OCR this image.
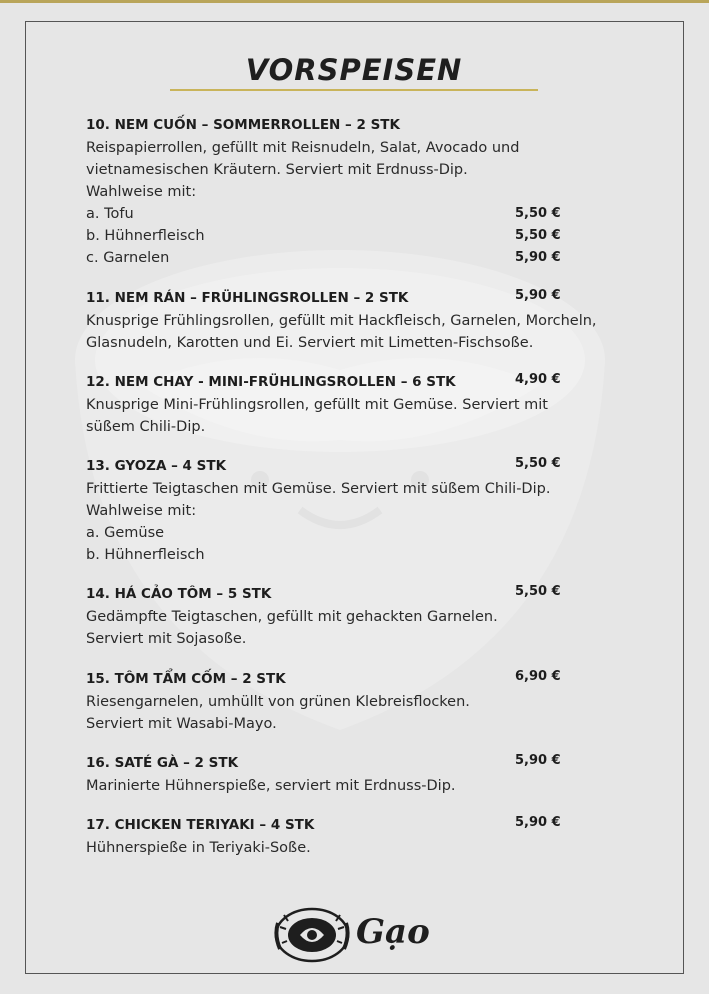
VORSPEISEN
10. NEM CUỐN – SOMMERROLLEN – 2 STK
Reispapierrollen, gefüllt mit Reisnudeln, Salat, Avocado und
vietnamesischen Kräutern. Serviert mit Erdnuss-Dip.
Wahlweise mit:
a. Tofu	5,50 €
b. Hühnerfleisch	5,50 €
c. Garnelen	5,90 €
11. NEM RÁN – FRÜHLINGSROLLEN – 2 STK	5,90 €
Knusprige Frühlingsrollen, gefüllt mit Hackfleisch, Garnelen, Morcheln,
Glasnudeln, Karotten und Ei. Serviert mit Limetten-Fischsoße.
12. NEM CHAY - MINI-FRÜHLINGSROLLEN – 6 STK	4,90 €
Knusprige Mini-Frühlingsrollen, gefüllt mit Gemüse. Serviert mit
süßem Chili-Dip.
13. GYOZA – 4 STK	5,50 €
Frittierte Teigtaschen mit Gemüse. Serviert mit süßem Chili-Dip.
Wahlweise mit:
a. Gemüse
b. Hühnerfleisch
14. HÁ CẢO TÔM – 5 STK	5,50 €
Gedämpfte Teigtaschen, gefüllt mit gehackten Garnelen.
Serviert mit Sojasoße.
15. TÔM TẨM CỐM – 2 STK	6,90 €
Riesengarnelen, umhüllt von grünen Klebreisflocken.
Serviert mit Wasabi-Mayo.
16. SATÉ GÀ – 2 STK	5,90 €
Marinierte Hühnerspieße, serviert mit Erdnuss-Dip.
17. CHICKEN TERIYAKI – 4 STK	5,90 €
Hühnerspieße in Teriyaki-Soße.
Gạo
